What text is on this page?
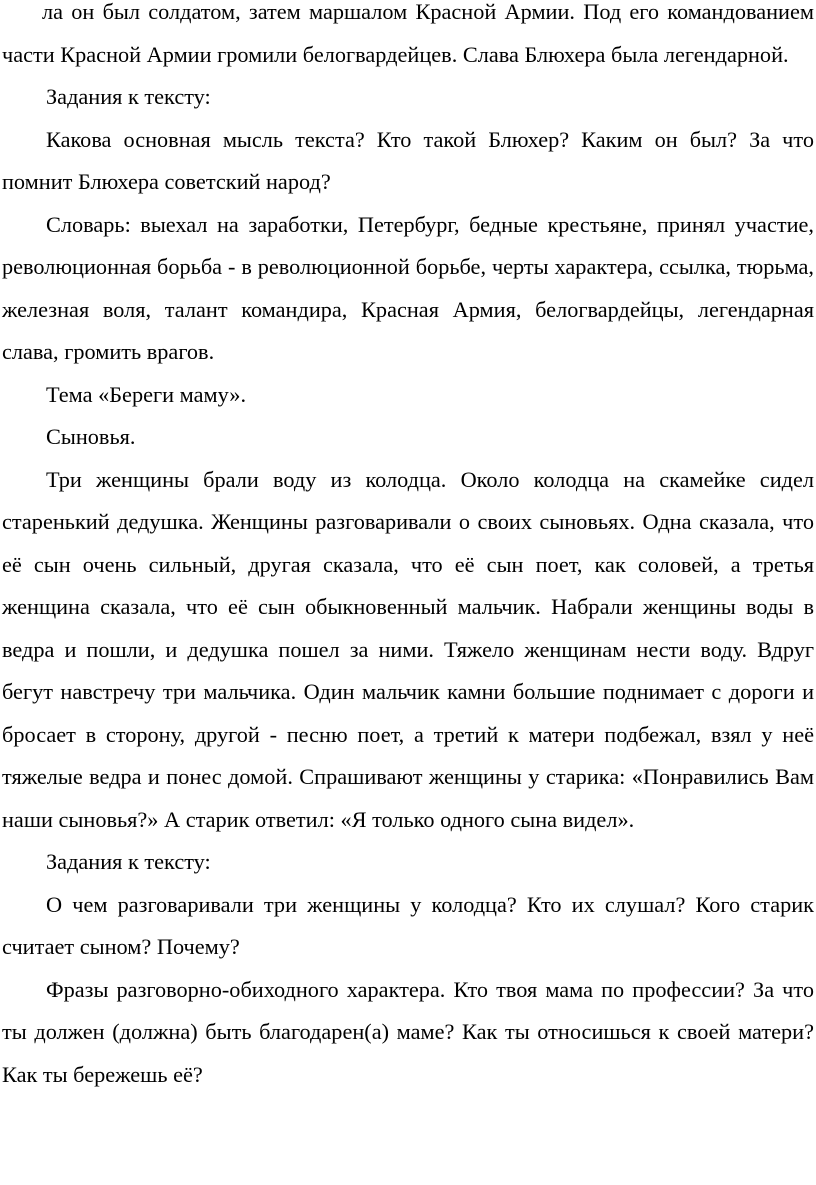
ла он был солдатом, затем маршалом Красной Армии. Под его командованием части Красной Армии громили белогвардейцев. Слава Блюхера была легендарной.

Задания к тексту:

Какова основная мысль текста? Кто такой Блюхер? Каким он был? За что помнит Блюхера советский народ?

Словарь: выехал на заработки, Петербург, бедные крестьяне, принял участие, революционная борьба - в революционной борьбе, черты характера, ссылка, тюрьма, железная воля, талант командира, Красная Армия, белогвардейцы, легендарная слава, громить врагов.

Тема «Береги маму».

Сыновья.

Три женщины брали воду из колодца. Около колодца на скамейке сидел старенький дедушка. Женщины разговаривали о своих сыновьях. Одна сказала, что её сын очень сильный, другая сказала, что её сын поет, как соловей, а третья женщина сказала, что её сын обыкновенный мальчик. Набрали женщины воды в ведра и пошли, и дедушка пошел за ними. Тяжело женщинам нести воду. Вдруг бегут навстречу три мальчика. Один мальчик камни большие поднимает с дороги и бросает в сторону, другой - песню поет, а третий к матери подбежал, взял у неё тяжелые ведра и понес домой. Спрашивают женщины у старика: «Понравились Вам наши сыновья?» А старик ответил: «Я только одного сына видел».

Задания к тексту:

О чем разговаривали три женщины у колодца? Кто их слушал? Кого старик считает сыном? Почему?

Фразы разговорно-обиходного характера. Кто твоя мама по профессии? За что ты должен (должна) быть благодарен(а) маме? Как ты относишься к своей матери? Как ты бережешь её?
